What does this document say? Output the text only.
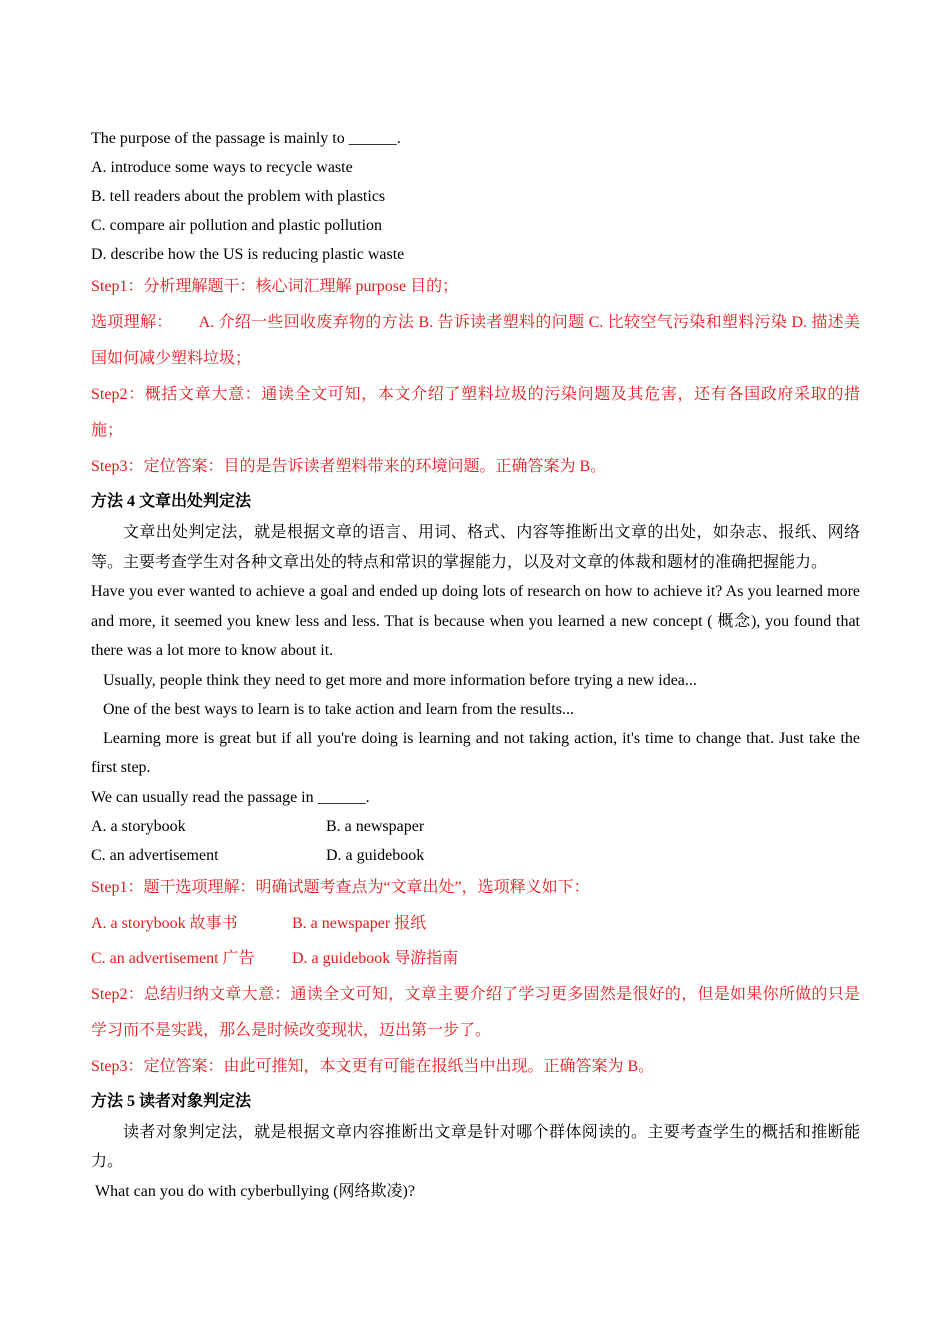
The purpose of the passage is mainly to ______.
A. introduce some ways to recycle waste
B. tell readers about the problem with plastics
C. compare air pollution and plastic pollution
D. describe how the US is reducing plastic waste
Step1：分析理解题干：核心词汇理解 purpose 目的；
选项理解： A. 介绍一些回收废弃物的方法 B. 告诉读者塑料的问题 C. 比较空气污染和塑料污染 D. 描述美国如何减少塑料垃圾；
Step2：概括文章大意：通读全文可知，本文介绍了塑料垃圾的污染问题及其危害，还有各国政府采取的措施；
Step3：定位答案：目的是告诉读者塑料带来的环境问题。正确答案为 B。
方法 4 文章出处判定法
文章出处判定法，就是根据文章的语言、用词、格式、内容等推断出文章的出处，如杂志、报纸、网络等。主要考查学生对各种文章出处的特点和常识的掌握能力，以及对文章的体裁和题材的准确把握能力。
Have you ever wanted to achieve a goal and ended up doing lots of research on how to achieve it? As you learned more and more, it seemed you knew less and less. That is because when you learned a new concept ( 概念), you found that there was a lot more to know about it.
Usually, people think they need to get more and more information before trying a new idea...
One of the best ways to learn is to take action and learn from the results...
Learning more is great but if all you're doing is learning and not taking action, it's time to change that. Just take the first step.
We can usually read the passage in ______.
A. a storybook	B. a newspaper
C. an advertisement	D. a guidebook
Step1：题干选项理解：明确试题考查点为“文章出处”，选项释义如下：
A. a storybook 故事书	B. a newspaper 报纸
C. an advertisement 广告	D. a guidebook 导游指南
Step2：总结归纳文章大意：通读全文可知，文章主要介绍了学习更多固然是很好的，但是如果你所做的只是学习而不是实践，那么是时候改变现状，迈出第一步了。
Step3：定位答案：由此可推知，本文更有可能在报纸当中出现。正确答案为 B。
方法 5 读者对象判定法
读者对象判定法，就是根据文章内容推断出文章是针对哪个群体阅读的。主要考查学生的概括和推断能力。
What can you do with cyberbullying (网络欺凌)?
